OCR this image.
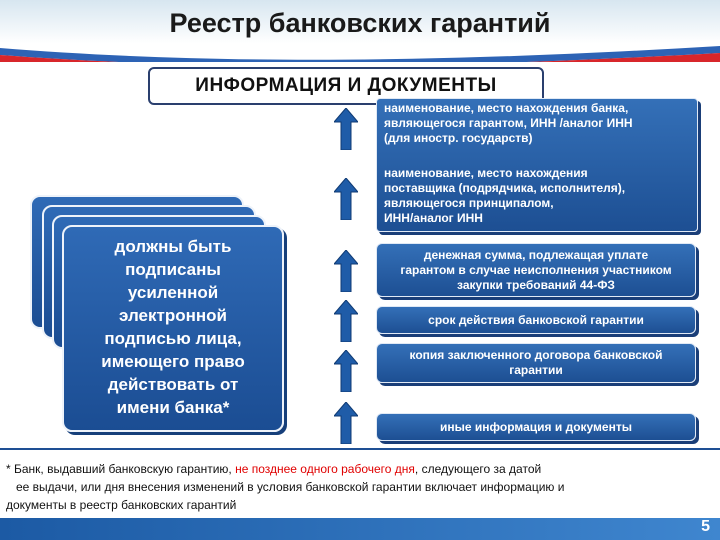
Реестр банковских гарантий
ИНФОРМАЦИЯ И ДОКУМЕНТЫ
наименование, место нахождения банка,
являющегося гарантом, ИНН /аналог ИНН
(для иностр. государств)
наименование, место нахождения
поставщика (подрядчика, исполнителя),
являющегося принципалом,
ИНН/аналог ИНН
денежная сумма, подлежащая уплате
гарантом в случае неисполнения участником
закупки требований 44-ФЗ
срок действия банковской гарантии
копия заключенного договора банковской
гарантии
иные информация и документы
должны быть
подписаны
усиленной
электронной
подписью лица,
имеющего право
действовать от
имени банка*
* Банк, выдавший банковскую гарантию, не позднее одного рабочего дня, следующего за датой
ее выдачи, или дня внесения изменений в условия банковской гарантии включает информацию и
документы в реестр банковских гарантий
5
